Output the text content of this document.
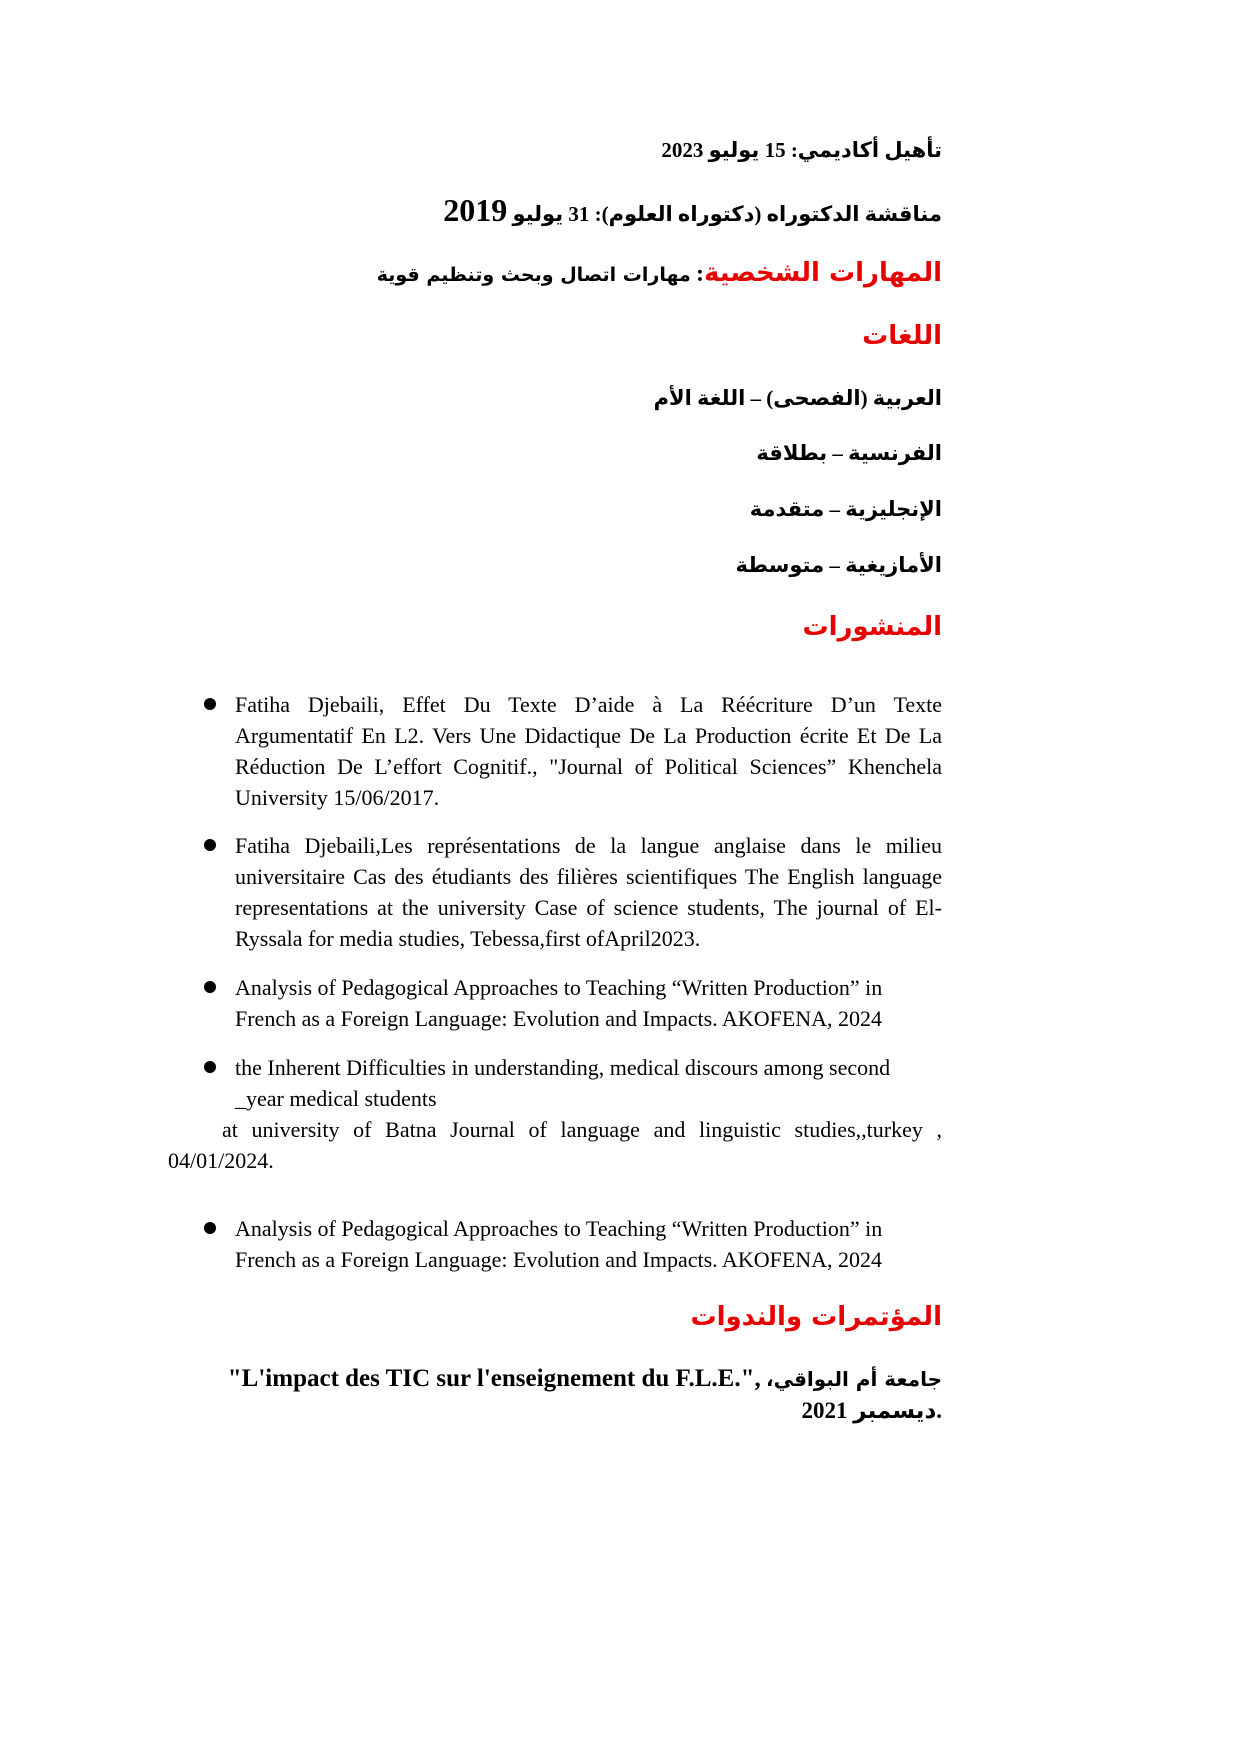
تأهيل أكاديمي: 15 يوليو 2023
مناقشة الدكتوراه (دكتوراه العلوم): 31 يوليو 2019
المهارات الشخصية: مهارات اتصال وبحث وتنظيم قوية
اللغات
العربية (الفصحى) – اللغة الأم
الفرنسية – بطلاقة
الإنجليزية – متقدمة
الأمازيغية – متوسطة
المنشورات
Fatiha Djebaili, Effet Du Texte D’aide à La Réécriture D’un Texte
Argumentatif En L2. Vers Une Didactique De La Production écrite Et De La
Réduction De L’effort Cognitif., "Journal of Political Sciences” Khenchela
University 15/06/2017.
Fatiha Djebaili,Les représentations de la langue anglaise dans le milieu
universitaire Cas des étudiants des filières scientifiques The English language
representations at the university Case of science students, The journal of El-
Ryssala for media studies, Tebessa,first ofApril2023.
Analysis of Pedagogical Approaches to Teaching “Written Production” in
French as a Foreign Language: Evolution and Impacts. AKOFENA, 2024
the Inherent Difficulties in understanding, medical discours among second
_year medical students
at university of Batna Journal of language and linguistic studies,,turkey ,
04/01/2024.
Analysis of Pedagogical Approaches to Teaching “Written Production” in
French as a Foreign Language: Evolution and Impacts. AKOFENA, 2024
المؤتمرات والندوات
جامعة أم البواقي، "L'impact des TIC sur l'enseignement du F.L.E.",
ديسمبر 2021.
